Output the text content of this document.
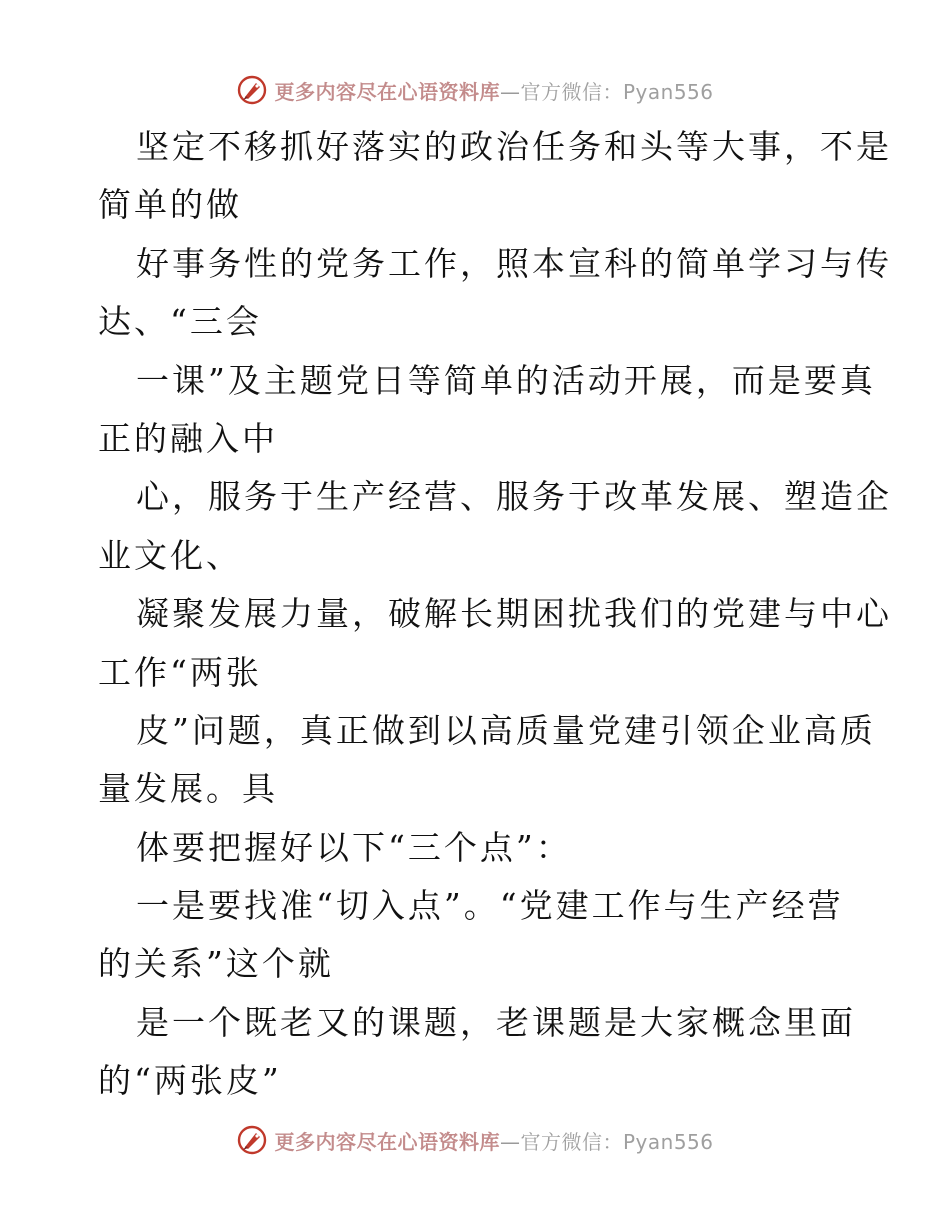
更多内容尽在心语资料库—官方微信：Pyan556
坚定不移抓好落实的政治任务和头等大事，不是
简单的做
好事务性的党务工作，照本宣科的简单学习与传
达、“三会
一课”及主题党日等简单的活动开展，而是要真
正的融入中
心，服务于生产经营、服务于改革发展、塑造企
业文化、
凝聚发展力量，破解长期困扰我们的党建与中心
工作“两张
皮”问题，真正做到以高质量党建引领企业高质
量发展。具
体要把握好以下“三个点”：
一是要找准“切入点”。“党建工作与生产经营
的关系”这个就
是一个既老又的课题，老课题是大家概念里面
的“两张皮”
更多内容尽在心语资料库—官方微信：Pyan556
